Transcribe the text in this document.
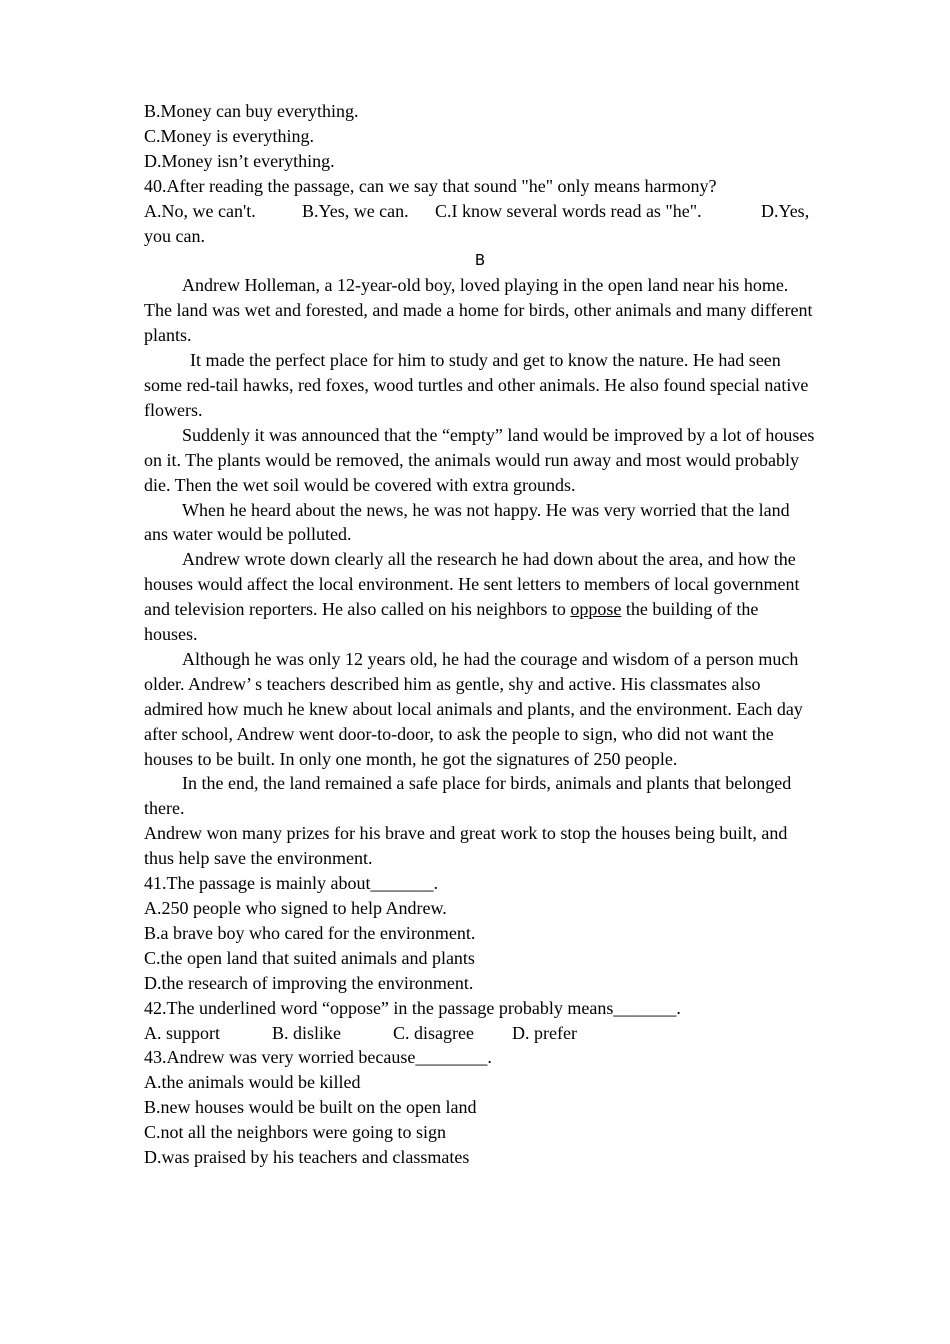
B.Money can buy everything.

C.Money is everything.

D.Money isn’t everything.

40.After reading the passage, can we say that sound "he" only means harmony?

A.No, we can't.	B.Yes, we can. C.I know several words read as "he".	D.Yes,

you can.

B

Andrew Holleman, a 12-year-old boy, loved playing in the open land near his home. The land was wet and forested, and made a home for birds, other animals and many different plants.

It made the perfect place for him to study and get to know the nature. He had seen some red-tail hawks, red foxes, wood turtles and other animals. He also found special native flowers.

Suddenly it was announced that the “empty” land would be improved by a lot of houses on it. The plants would be removed, the animals would run away and most would probably die. Then the wet soil would be covered with extra grounds.

When he heard about the news, he was not happy. He was very worried that the land ans water would be polluted.

Andrew wrote down clearly all the research he had down about the area, and how the houses would affect the local environment. He sent letters to members of local government and television reporters. He also called on his neighbors to oppose the building of the houses.

Although he was only 12 years old, he had the courage and wisdom of a person much older. Andrew’ s teachers described him as gentle, shy and active. His classmates also admired how much he knew about local animals and plants, and the environment. Each day after school, Andrew went door-to-door, to ask the people to sign, who did not want the houses to be built. In only one month, he got the signatures of 250 people.

In the end, the land remained a safe place for birds, animals and plants that belonged there.

Andrew won many prizes for his brave and great work to stop the houses being built, and thus help save the environment.

41.The passage is mainly about_______.

A.250 people who signed to help Andrew.

B.a brave boy who cared for the environment.

C.the open land that suited animals and plants

D.the research of improving the environment.

42.The underlined word “oppose” in the passage probably means_______.

A. support	B. dislike	C. disagree D. prefer

43.Andrew was very worried because________.

A.the animals would be killed

B.new houses would be built on the open land

C.not all the neighbors were going to sign

D.was praised by his teachers and classmates
